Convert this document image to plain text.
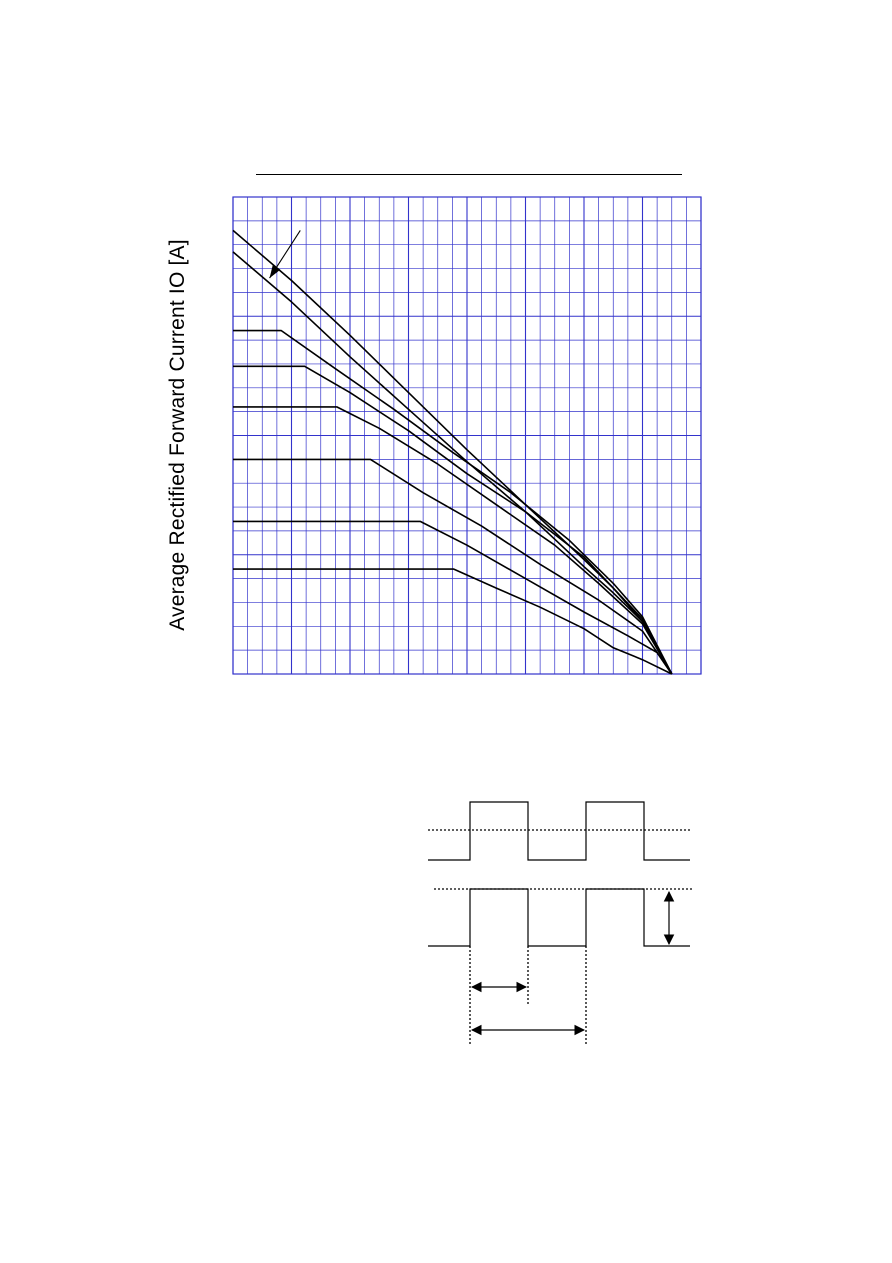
Average Rectified Forward Current IO [A]
